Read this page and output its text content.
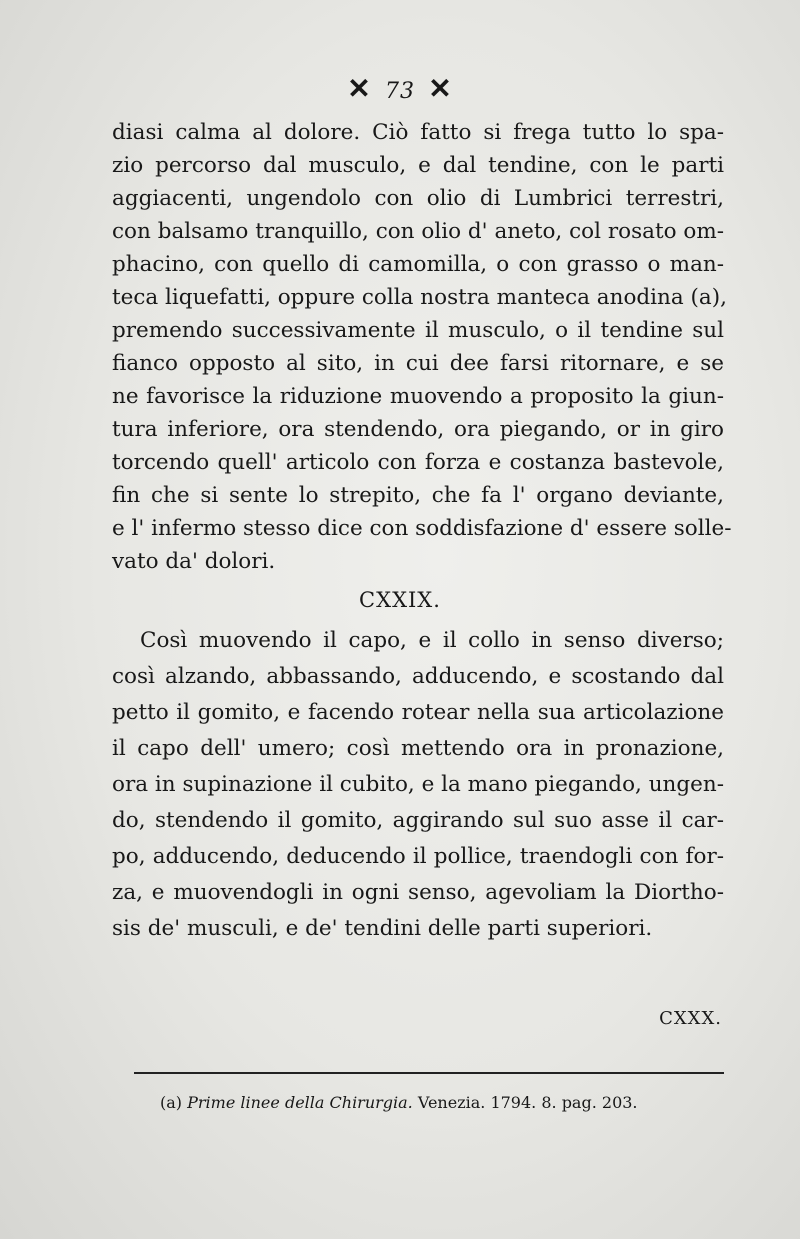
✕ 73 ✕
diasi calma al dolore. Ciò fatto si frega tutto lo spa-
zio percorso dal musculo, e dal tendine, con le parti
aggiacenti, ungendolo con olio di Lumbrici terrestri,
con balsamo tranquillo, con olio d' aneto, col rosato om-
phacino, con quello di camomilla, o con grasso o man-
teca liquefatti, oppure colla nostra manteca anodina (a),
premendo successivamente il musculo, o il tendine sul
fianco opposto al sito, in cui dee farsi ritornare, e se
ne favorisce la riduzione muovendo a proposito la giun-
tura inferiore, ora stendendo, ora piegando, or in giro
torcendo quell' articolo con forza e costanza bastevole,
fin che si sente lo strepito, che fa l' organo deviante,
e l' infermo stesso dice con soddisfazione d' essere solle-
vato da' dolori.
CXXIX.
Così muovendo il capo, e il collo in senso diverso;
così alzando, abbassando, adducendo, e scostando dal
petto il gomito, e facendo rotear nella sua articolazione
il capo dell' umero; così mettendo ora in pronazione,
ora in supinazione il cubito, e la mano piegando, ungen-
do, stendendo il gomito, aggirando sul suo asse il car-
po, adducendo, deducendo il pollice, traendogli con for-
za, e muovendogli in ogni senso, agevoliam la Diortho-
sis de' musculi, e de' tendini delle parti superiori.
CXXX.
(a) Prime linee della Chirurgia. Venezia. 1794. 8. pag. 203.
